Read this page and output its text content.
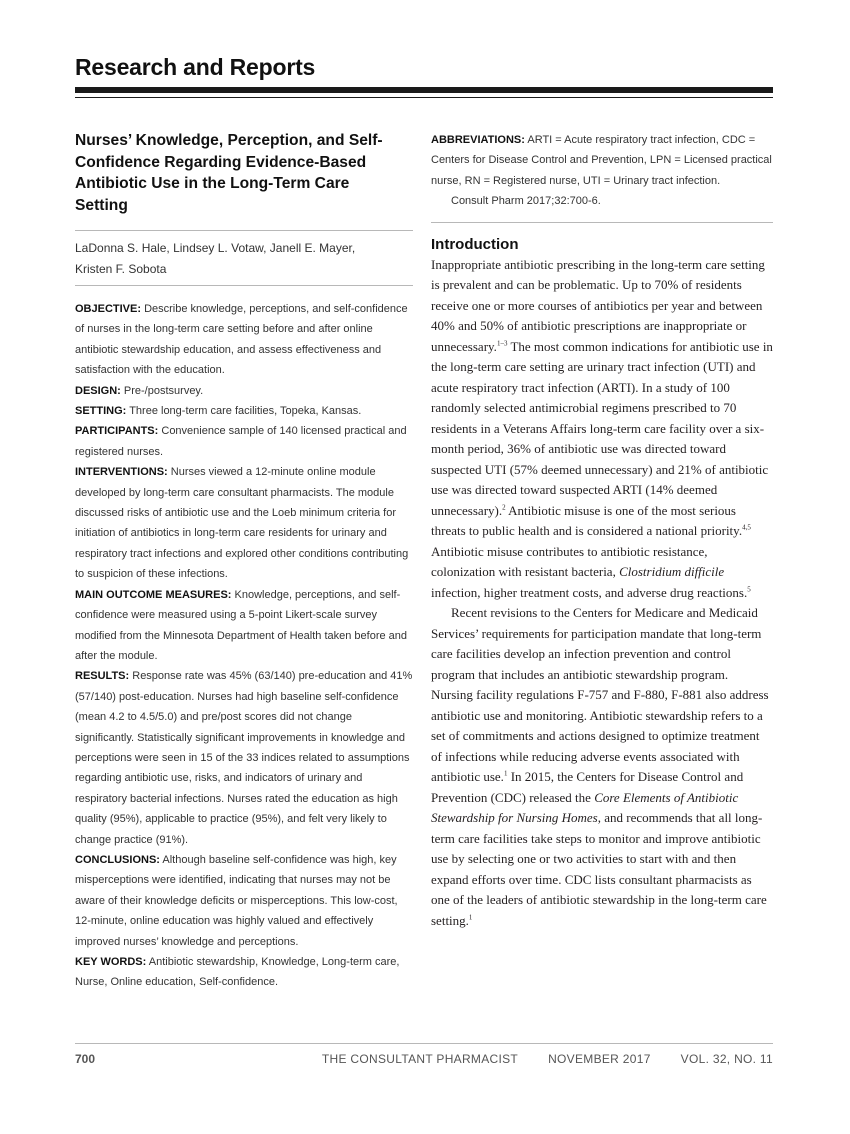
Research and Reports
Nurses’ Knowledge, Perception, and Self-Confidence Regarding Evidence-Based Antibiotic Use in the Long-Term Care Setting
LaDonna S. Hale, Lindsey L. Votaw, Janell E. Mayer, Kristen F. Sobota

OBJECTIVE: Describe knowledge, perceptions, and self-confidence of nurses in the long-term care setting before and after online antibiotic stewardship education, and assess effectiveness and satisfaction with the education.

DESIGN: Pre-/postsurvey.

SETTING: Three long-term care facilities, Topeka, Kansas.

PARTICIPANTS: Convenience sample of 140 licensed practical and registered nurses.

INTERVENTIONS: Nurses viewed a 12-minute online module developed by long-term care consultant pharmacists. The module discussed risks of antibiotic use and the Loeb minimum criteria for initiation of antibiotics in long-term care residents for urinary and respiratory tract infections and explored other conditions contributing to suspicion of these infections.

MAIN OUTCOME MEASURES: Knowledge, perceptions, and self-confidence were measured using a 5-point Likert-scale survey modified from the Minnesota Department of Health taken before and after the module.

RESULTS: Response rate was 45% (63/140) pre-education and 41% (57/140) post-education. Nurses had high baseline self-confidence (mean 4.2 to 4.5/5.0) and pre/post scores did not change significantly. Statistically significant improvements in knowledge and perceptions were seen in 15 of the 33 indices related to assumptions regarding antibiotic use, risks, and indicators of urinary and respiratory bacterial infections. Nurses rated the education as high quality (95%), applicable to practice (95%), and felt very likely to change practice (91%).

CONCLUSIONS: Although baseline self-confidence was high, key misperceptions were identified, indicating that nurses may not be aware of their knowledge deficits or misperceptions. This low-cost, 12-minute, online education was highly valued and effectively improved nurses’ knowledge and perceptions.

KEY WORDS: Antibiotic stewardship, Knowledge, Long-term care, Nurse, Online education, Self-confidence.

ABBREVIATIONS: ARTI = Acute respiratory tract infection, CDC = Centers for Disease Control and Prevention, LPN = Licensed practical nurse, RN = Registered nurse, UTI = Urinary tract infection.

Consult Pharm 2017;32:700-6.

Introduction

Inappropriate antibiotic prescribing in the long-term care setting is prevalent and can be problematic. Up to 70% of residents receive one or more courses of antibiotics per year and between 40% and 50% of antibiotic prescriptions are inappropriate or unnecessary.$^{1-3}$ The most common indications for antibiotic use in the long-term care setting are urinary tract infection (UTI) and acute respiratory tract infection (ARTI). In a study of 100 randomly selected antimicrobial regimens prescribed to 70 residents in a Veterans Affairs long-term care facility over a six-month period, 36% of antibiotic use was directed toward suspected UTI (57% deemed unnecessary) and 21% of antibiotic use was directed toward suspected ARTI (14% deemed unnecessary).$^2$ Antibiotic misuse is one of the most serious threats to public health and is considered a national priority.$^{4,5}$ Antibiotic misuse contributes to antibiotic resistance, colonization with resistant bacteria, Clostridium difficile infection, higher treatment costs, and adverse drug reactions.$^5$

Recent revisions to the Centers for Medicare and Medicaid Services’ requirements for participation mandate that long-term care facilities develop an infection prevention and control program that includes an antibiotic stewardship program. Nursing facility regulations F-757 and F-880, F-881 also address antibiotic use and monitoring. Antibiotic stewardship refers to a set of commitments and actions designed to optimize treatment of infections while reducing adverse events associated with antibiotic use.$^1$ In 2015, the Centers for Disease Control and Prevention (CDC) released the Core Elements of Antibiotic Stewardship for Nursing Homes, and recommends that all long-term care facilities take steps to monitor and improve antibiotic use by selecting one or two activities to start with and then expand efforts over time. CDC lists consultant pharmacists as one of the leaders of antibiotic stewardship in the long-term care setting.$^1$

700	THE CONSULTANT PHARMACIST	NOVEMBER 2017	VOL. 32, NO. 11
